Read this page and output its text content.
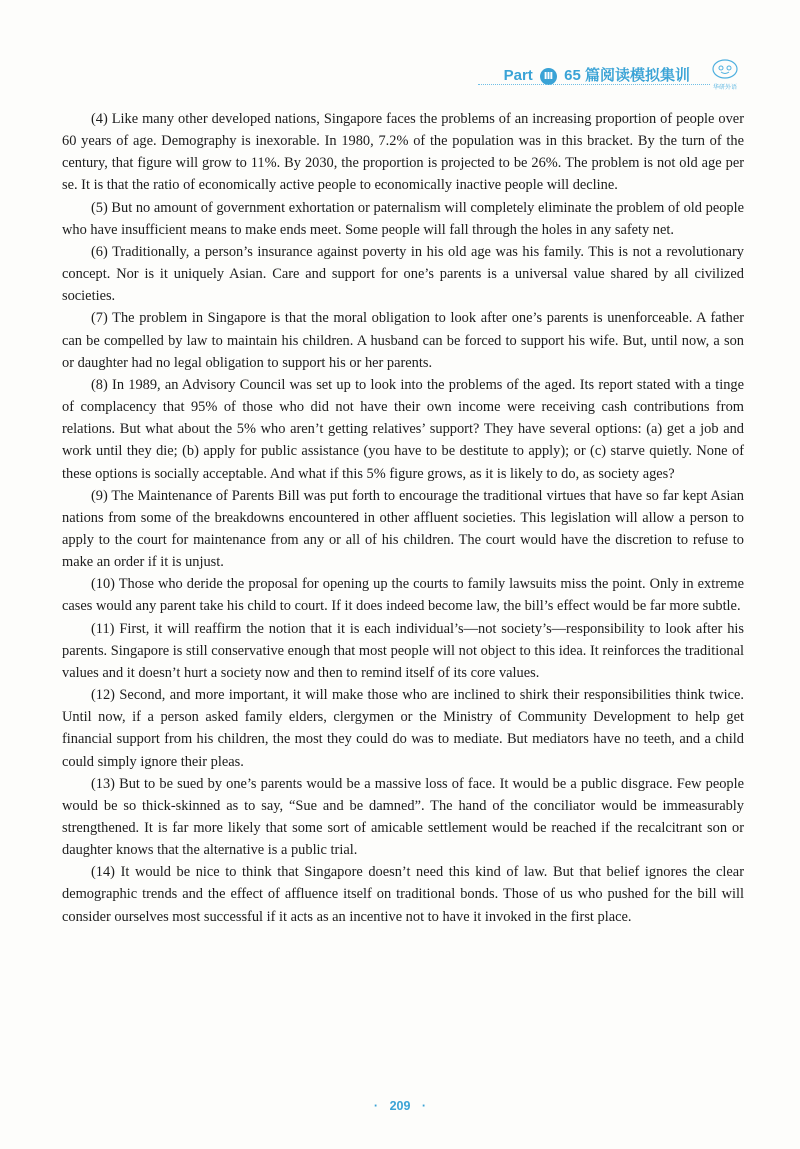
Part Ⅲ 65 篇阅读模拟集训
华研外语

(4) Like many other developed nations, Singapore faces the problems of an increasing proportion of people over 60 years of age. Demography is inexorable. In 1980, 7.2% of the population was in this bracket. By the turn of the century, that figure will grow to 11%. By 2030, the proportion is projected to be 26%. The problem is not old age per se. It is that the ratio of economically active people to economically inactive people will decline.

(5) But no amount of government exhortation or paternalism will completely eliminate the problem of old people who have insufficient means to make ends meet. Some people will fall through the holes in any safety net.

(6) Traditionally, a person’s insurance against poverty in his old age was his family. This is not a revolutionary concept. Nor is it uniquely Asian. Care and support for one’s parents is a universal value shared by all civilized societies.

(7) The problem in Singapore is that the moral obligation to look after one’s parents is unenforceable. A father can be compelled by law to maintain his children. A husband can be forced to support his wife. But, until now, a son or daughter had no legal obligation to support his or her parents.

(8) In 1989, an Advisory Council was set up to look into the problems of the aged. Its report stated with a tinge of complacency that 95% of those who did not have their own income were receiving cash contributions from relations. But what about the 5% who aren’t getting relatives’ support? They have several options: (a) get a job and work until they die; (b) apply for public assistance (you have to be destitute to apply); or (c) starve quietly. None of these options is socially acceptable. And what if this 5% figure grows, as it is likely to do, as society ages?

(9) The Maintenance of Parents Bill was put forth to encourage the traditional virtues that have so far kept Asian nations from some of the breakdowns encountered in other affluent societies. This legislation will allow a person to apply to the court for maintenance from any or all of his children. The court would have the discretion to refuse to make an order if it is unjust.

(10) Those who deride the proposal for opening up the courts to family lawsuits miss the point. Only in extreme cases would any parent take his child to court. If it does indeed become law, the bill’s effect would be far more subtle.

(11) First, it will reaffirm the notion that it is each individual’s—not society’s—responsibility to look after his parents. Singapore is still conservative enough that most people will not object to this idea. It reinforces the traditional values and it doesn’t hurt a society now and then to remind itself of its core values.

(12) Second, and more important, it will make those who are inclined to shirk their responsibilities think twice. Until now, if a person asked family elders, clergymen or the Ministry of Community Development to help get financial support from his children, the most they could do was to mediate. But mediators have no teeth, and a child could simply ignore their pleas.

(13) But to be sued by one’s parents would be a massive loss of face. It would be a public disgrace. Few people would be so thick-skinned as to say, “Sue and be damned”. The hand of the conciliator would be immeasurably strengthened. It is far more likely that some sort of amicable settlement would be reached if the recalcitrant son or daughter knows that the alternative is a public trial.

(14) It would be nice to think that Singapore doesn’t need this kind of law. But that belief ignores the clear demographic trends and the effect of affluence itself on traditional bonds. Those of us who pushed for the bill will consider ourselves most successful if it acts as an incentive not to have it invoked in the first place.

· 209 ·
